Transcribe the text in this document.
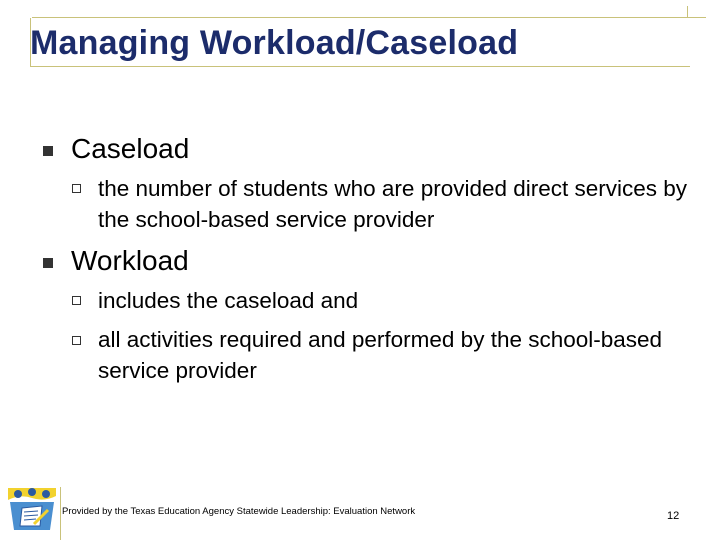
Managing Workload/Caseload
Caseload
the number of students who are provided direct services by the school-based service provider
Workload
includes the caseload and
all activities required and performed by the school-based service provider
Provided by the Texas Education Agency Statewide Leadership: Evaluation Network	12
